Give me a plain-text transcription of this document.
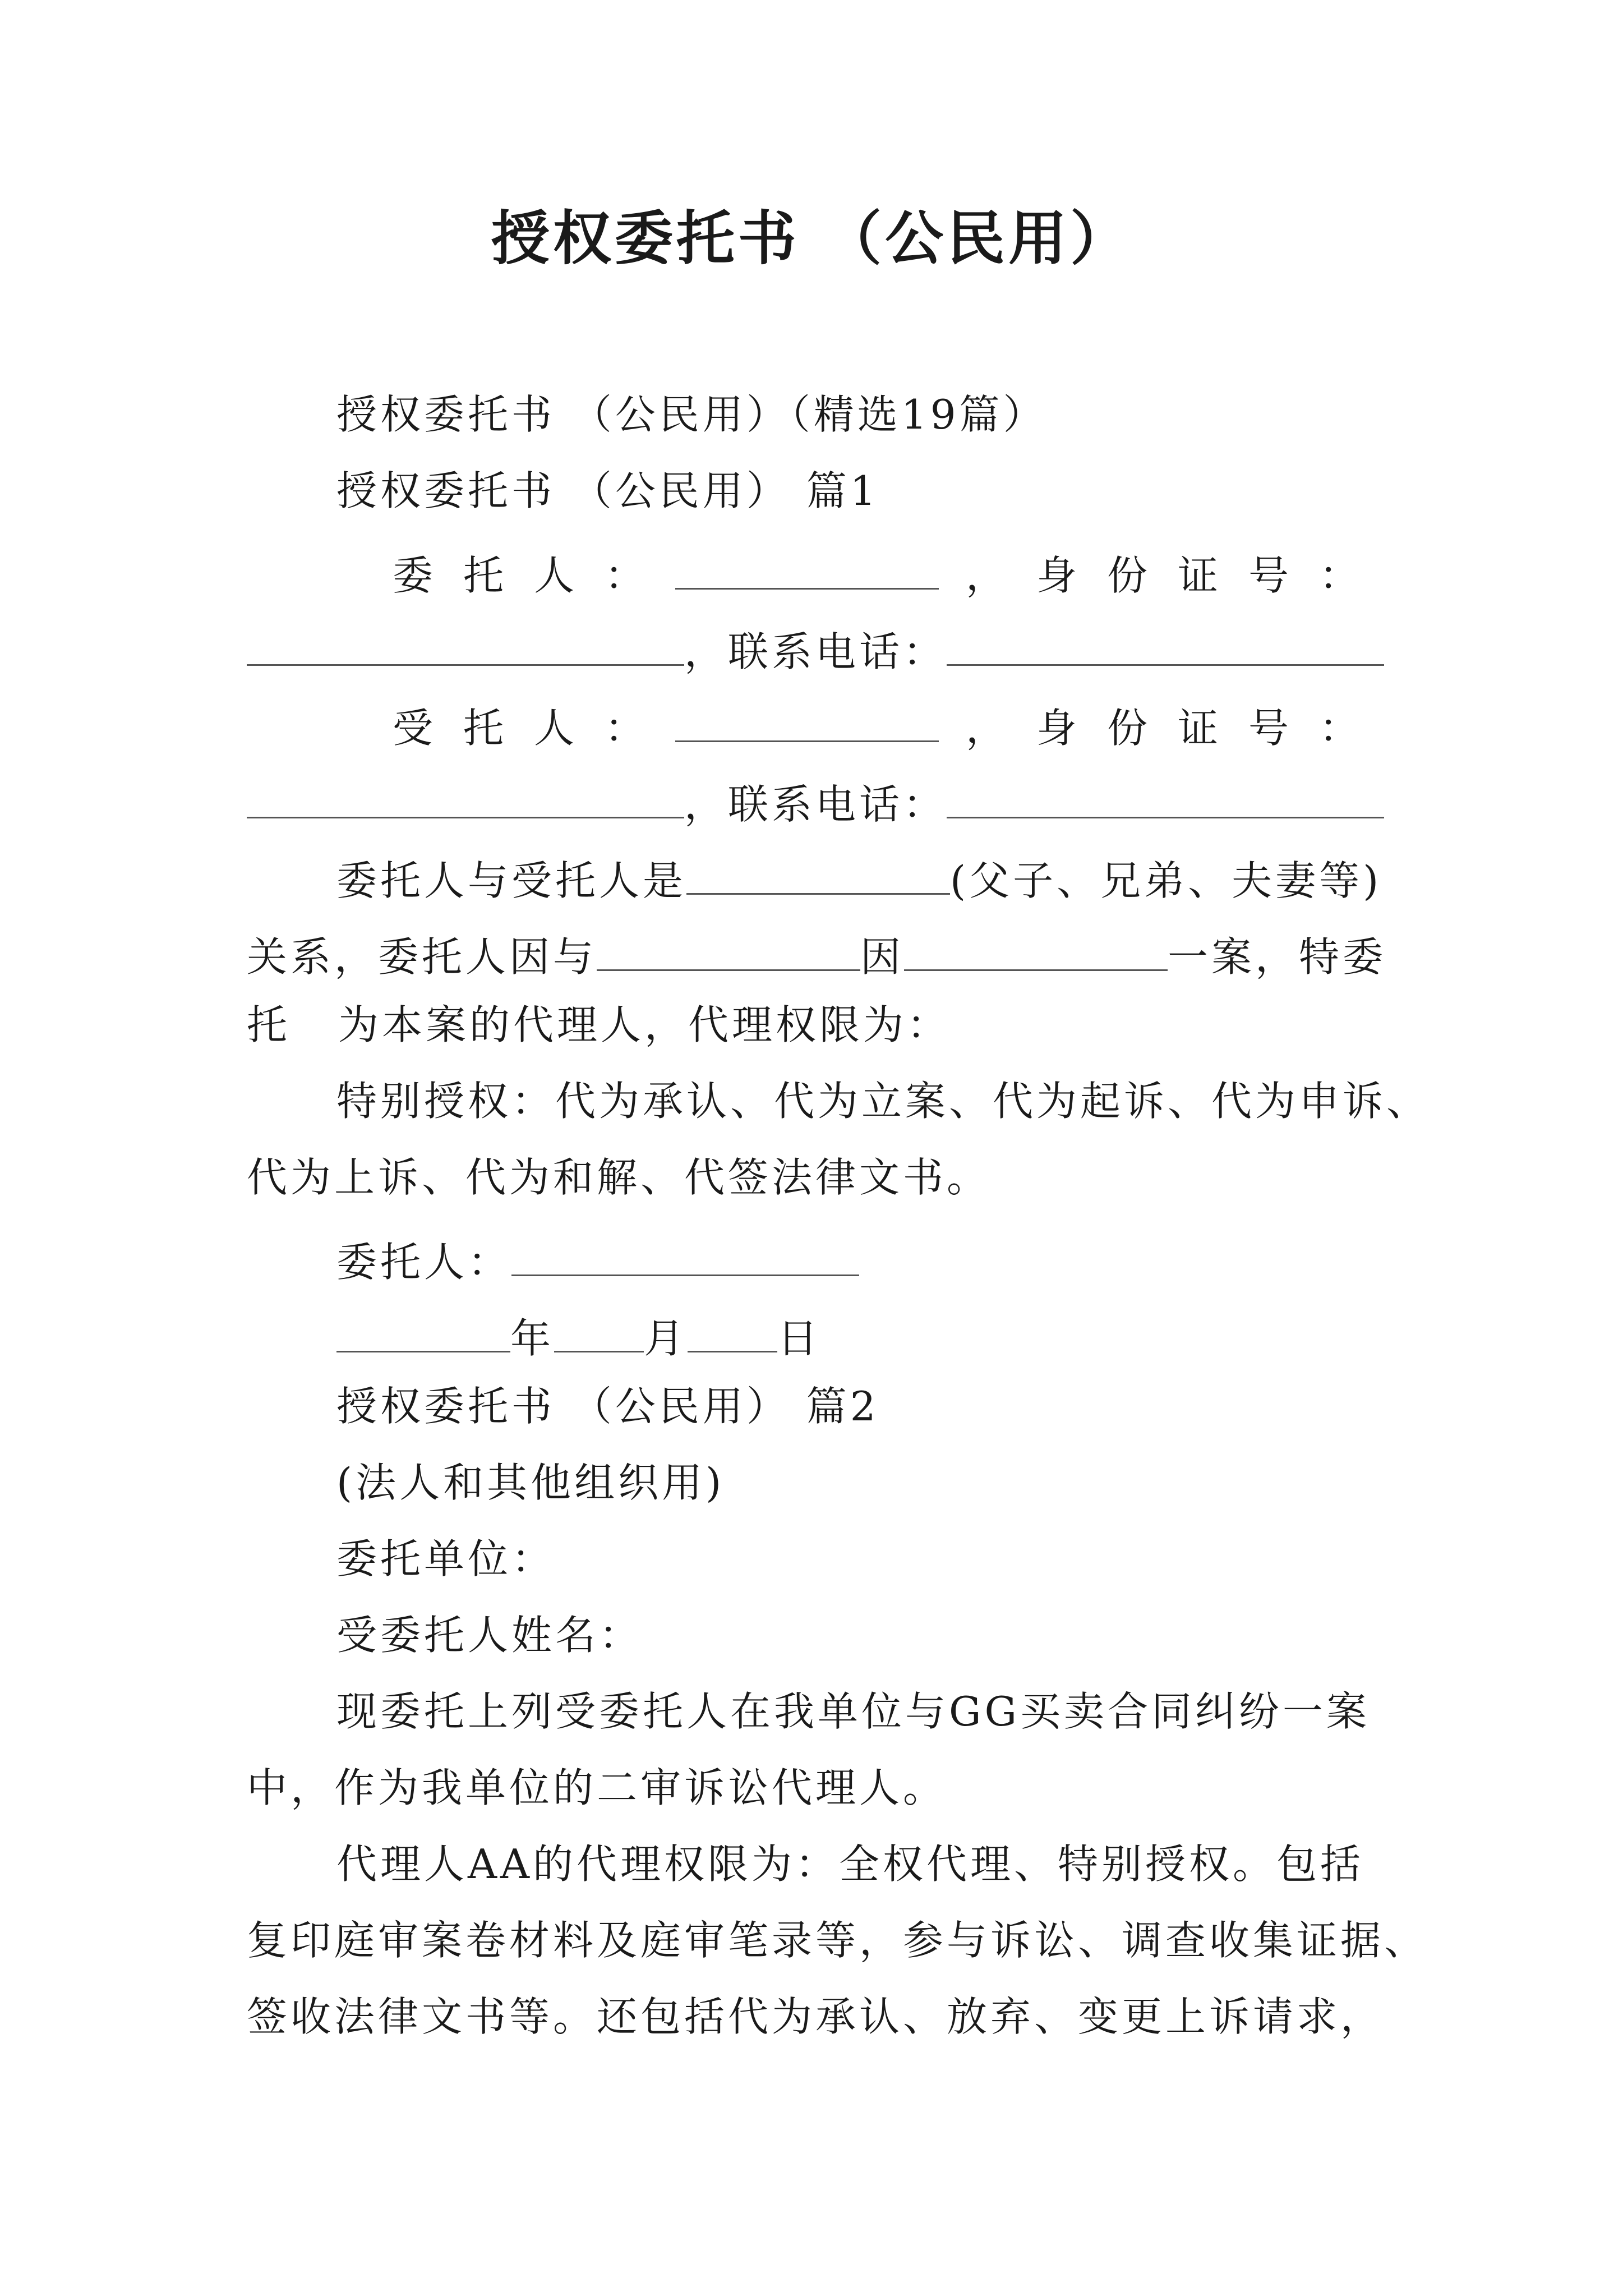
授权委托书 （公民用）
授权委托书 （公民用）（精选19篇）
授权委托书 （公民用） 篇1
委 托 人 ：	， 身 份 证 号 ：
，联系电话：
受 托 人 ：	， 身 份 证 号 ：
，联系电话：
委托人与受托人是	(父子、兄弟、夫妻等)
关系，委托人因与	因	一案，特委
托 为本案的代理人，代理权限为：
特别授权：代为承认、代为立案、代为起诉、代为申诉、
代为上诉、代为和解、代签法律文书。
委托人：
年 月 日
授权委托书 （公民用） 篇2
(法人和其他组织用)
委托单位：
受委托人姓名：
现委托上列受委托人在我单位与GG买卖合同纠纷一案
中，作为我单位的二审诉讼代理人。
代理人AA的代理权限为：全权代理、特别授权。包括
复印庭审案卷材料及庭审笔录等，参与诉讼、调查收集证据、
签收法律文书等。还包括代为承认、放弃、变更上诉请求，
